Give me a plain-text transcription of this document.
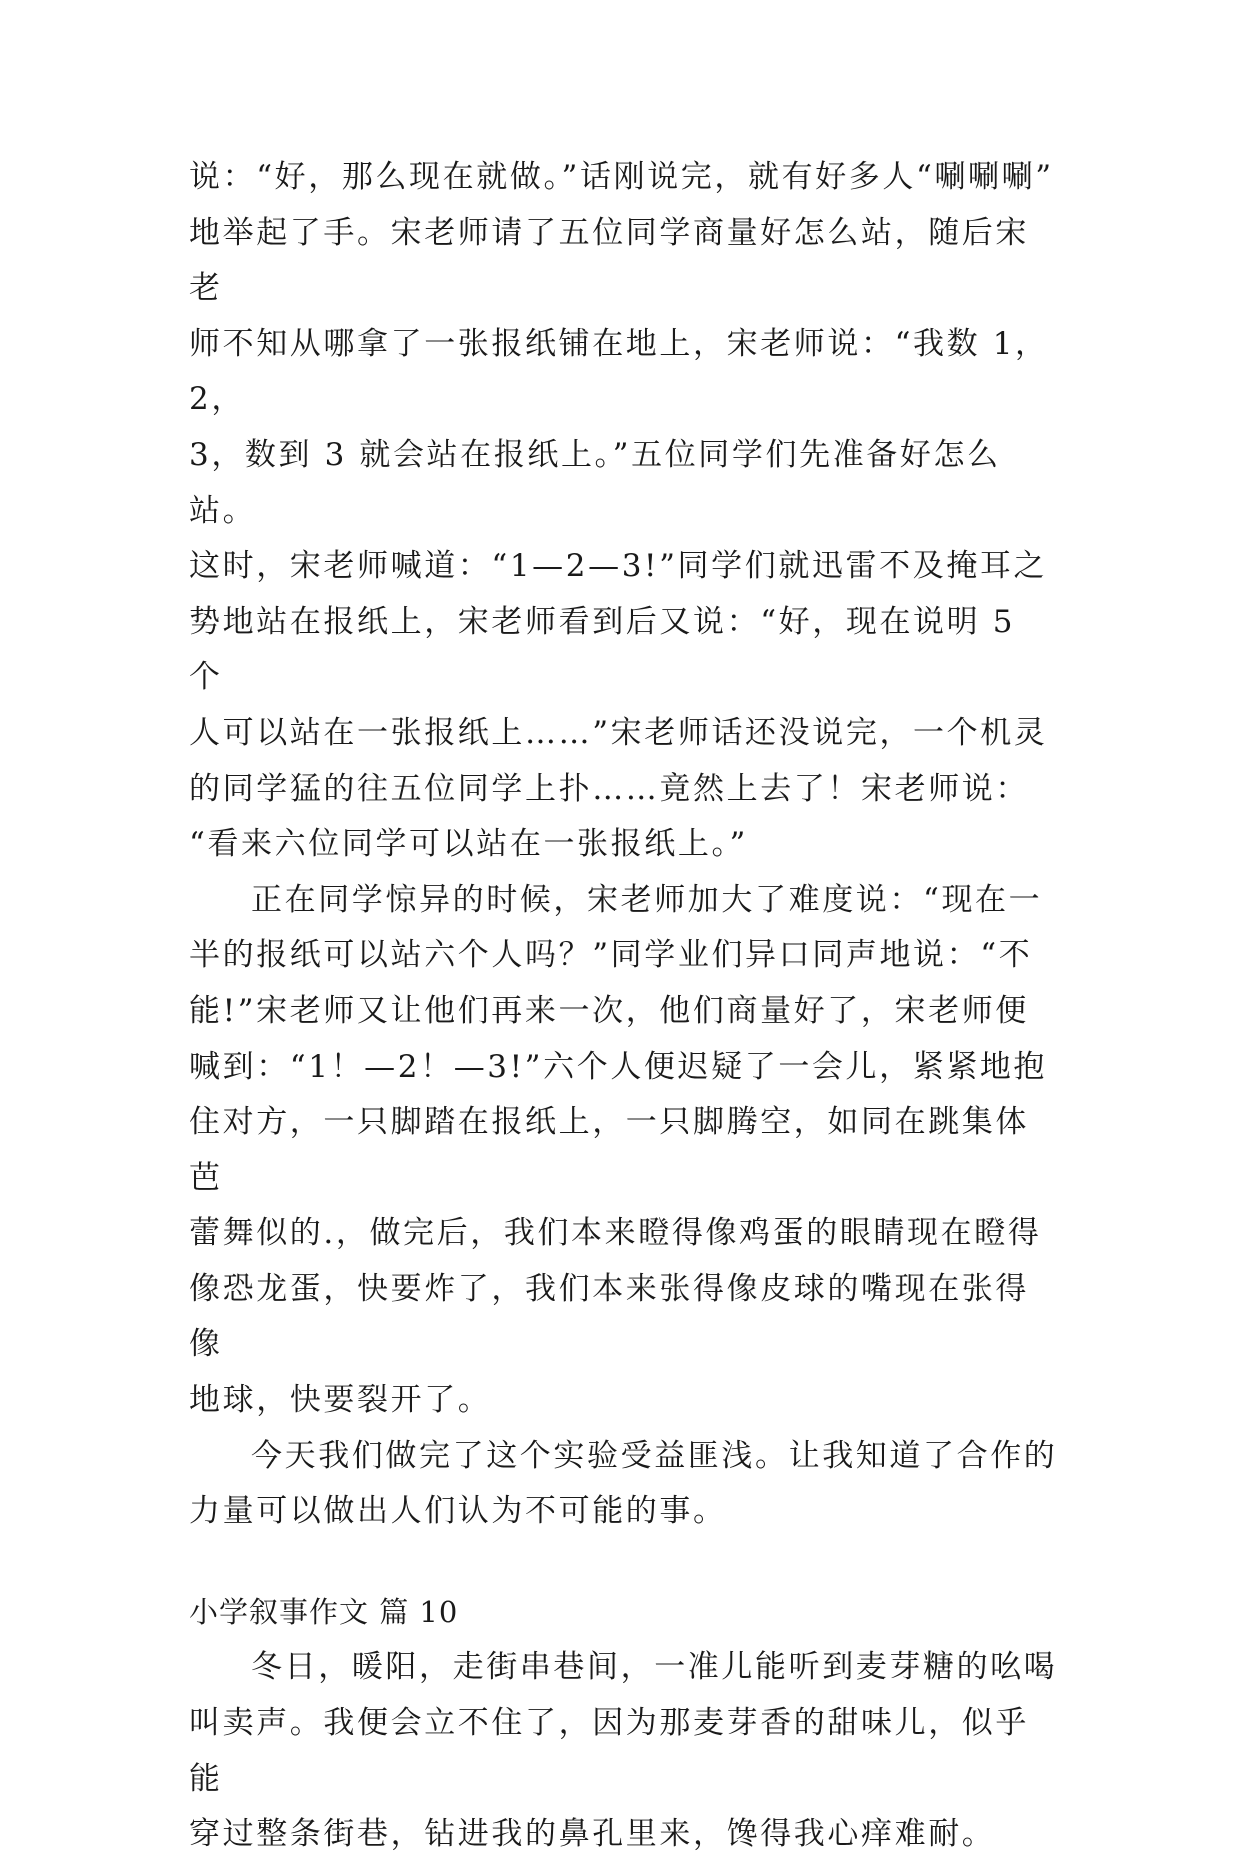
说：“好，那么现在就做。”话刚说完，就有好多人“唰唰唰”
地举起了手。宋老师请了五位同学商量好怎么站，随后宋老
师不知从哪拿了一张报纸铺在地上，宋老师说：“我数 1，2，
3，数到 3 就会站在报纸上。”五位同学们先准备好怎么站。
这时，宋老师喊道：“1—2—3!”同学们就迅雷不及掩耳之
势地站在报纸上，宋老师看到后又说：“好，现在说明 5 个
人可以站在一张报纸上……”宋老师话还没说完，一个机灵
的同学猛的往五位同学上扑……竟然上去了！宋老师说：
“看来六位同学可以站在一张报纸上。”

正在同学惊异的时候，宋老师加大了难度说：“现在一
半的报纸可以站六个人吗？”同学业们异口同声地说：“不
能!”宋老师又让他们再来一次，他们商量好了，宋老师便
喊到：“1！—2！—3!”六个人便迟疑了一会儿，紧紧地抱
住对方，一只脚踏在报纸上，一只脚腾空，如同在跳集体芭
蕾舞似的.，做完后，我们本来瞪得像鸡蛋的眼睛现在瞪得
像恐龙蛋，快要炸了，我们本来张得像皮球的嘴现在张得像
地球，快要裂开了。

今天我们做完了这个实验受益匪浅。让我知道了合作的
力量可以做出人们认为不可能的事。

小学叙事作文 篇 10

冬日，暖阳，走街串巷间，一准儿能听到麦芽糖的吆喝
叫卖声。我便会立不住了，因为那麦芽香的甜味儿，似乎能
穿过整条街巷，钻进我的鼻孔里来，馋得我心痒难耐。
